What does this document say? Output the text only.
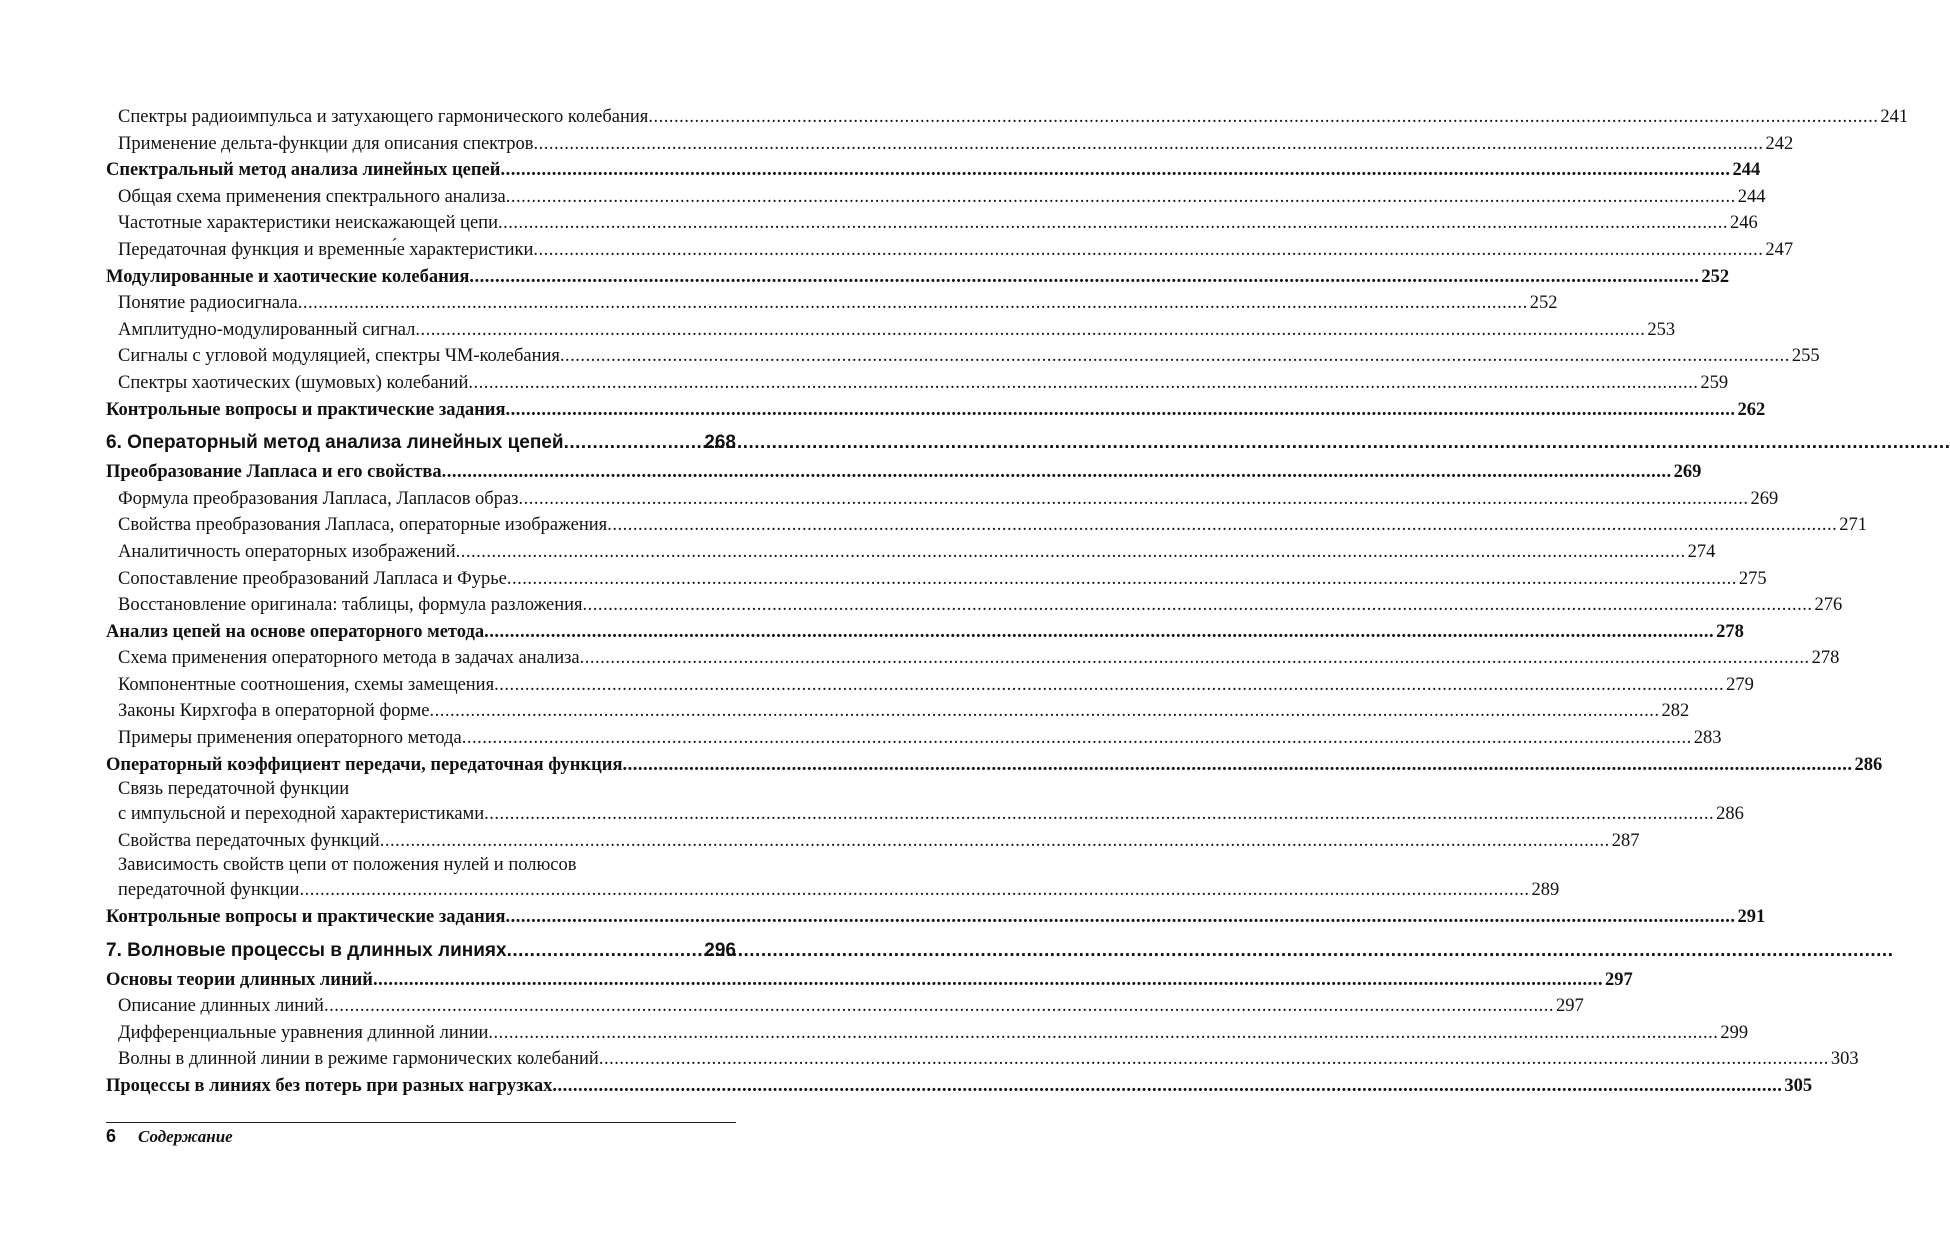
Спектры радиоимпульса и затухающего гармонического колебания .....	241
Применение дельта-функции для описания спектров .....	242
Спектральный метод анализа линейных цепей .....	244
Общая схема применения спектрального анализа .....	244
Частотные характеристики неискажающей цепи .....	246
Передаточная функция и временны́е характеристики .....	247
Модулированные и хаотические колебания .....	252
Понятие радиосигнала .....	252
Амплитудно-модулированный сигнал .....	253
Сигналы с угловой модуляцией, спектры ЧМ-колебания .....	255
Спектры хаотических (шумовых) колебаний .....	259
Контрольные вопросы и практические задания .....	262
6. Операторный метод анализа линейных цепей .....	268
Преобразование Лапласа и его свойства .....	269
Формула преобразования Лапласа, Лапласов образ .....	269
Свойства преобразования Лапласа, операторные изображения .....	271
Аналитичность операторных изображений .....	274
Сопоставление преобразований Лапласа и Фурье .....	275
Восстановление оригинала: таблицы, формула разложения .....	276
Анализ цепей на основе операторного метода .....	278
Схема применения операторного метода в задачах анализа .....	278
Компонентные соотношения, схемы замещения .....	279
Законы Кирхгофа в операторной форме .....	282
Примеры применения операторного метода .....	283
Операторный коэффициент передачи, передаточная функция .....	286
Связь передаточной функции
с импульсной и переходной характеристиками .....	286
Свойства передаточных функций .....	287
Зависимость свойств цепи от положения нулей и полюсов
передаточной функции .....	289
Контрольные вопросы и практические задания .....	291
7. Волновые процессы в длинных линиях .....	296
Основы теории длинных линий .....	297
Описание длинных линий .....	297
Дифференциальные уравнения длинной линии .....	299
Волны в длинной линии в режиме гармонических колебаний .....	303
Процессы в линиях без потерь при разных нагрузках .....	305
6 Содержание
